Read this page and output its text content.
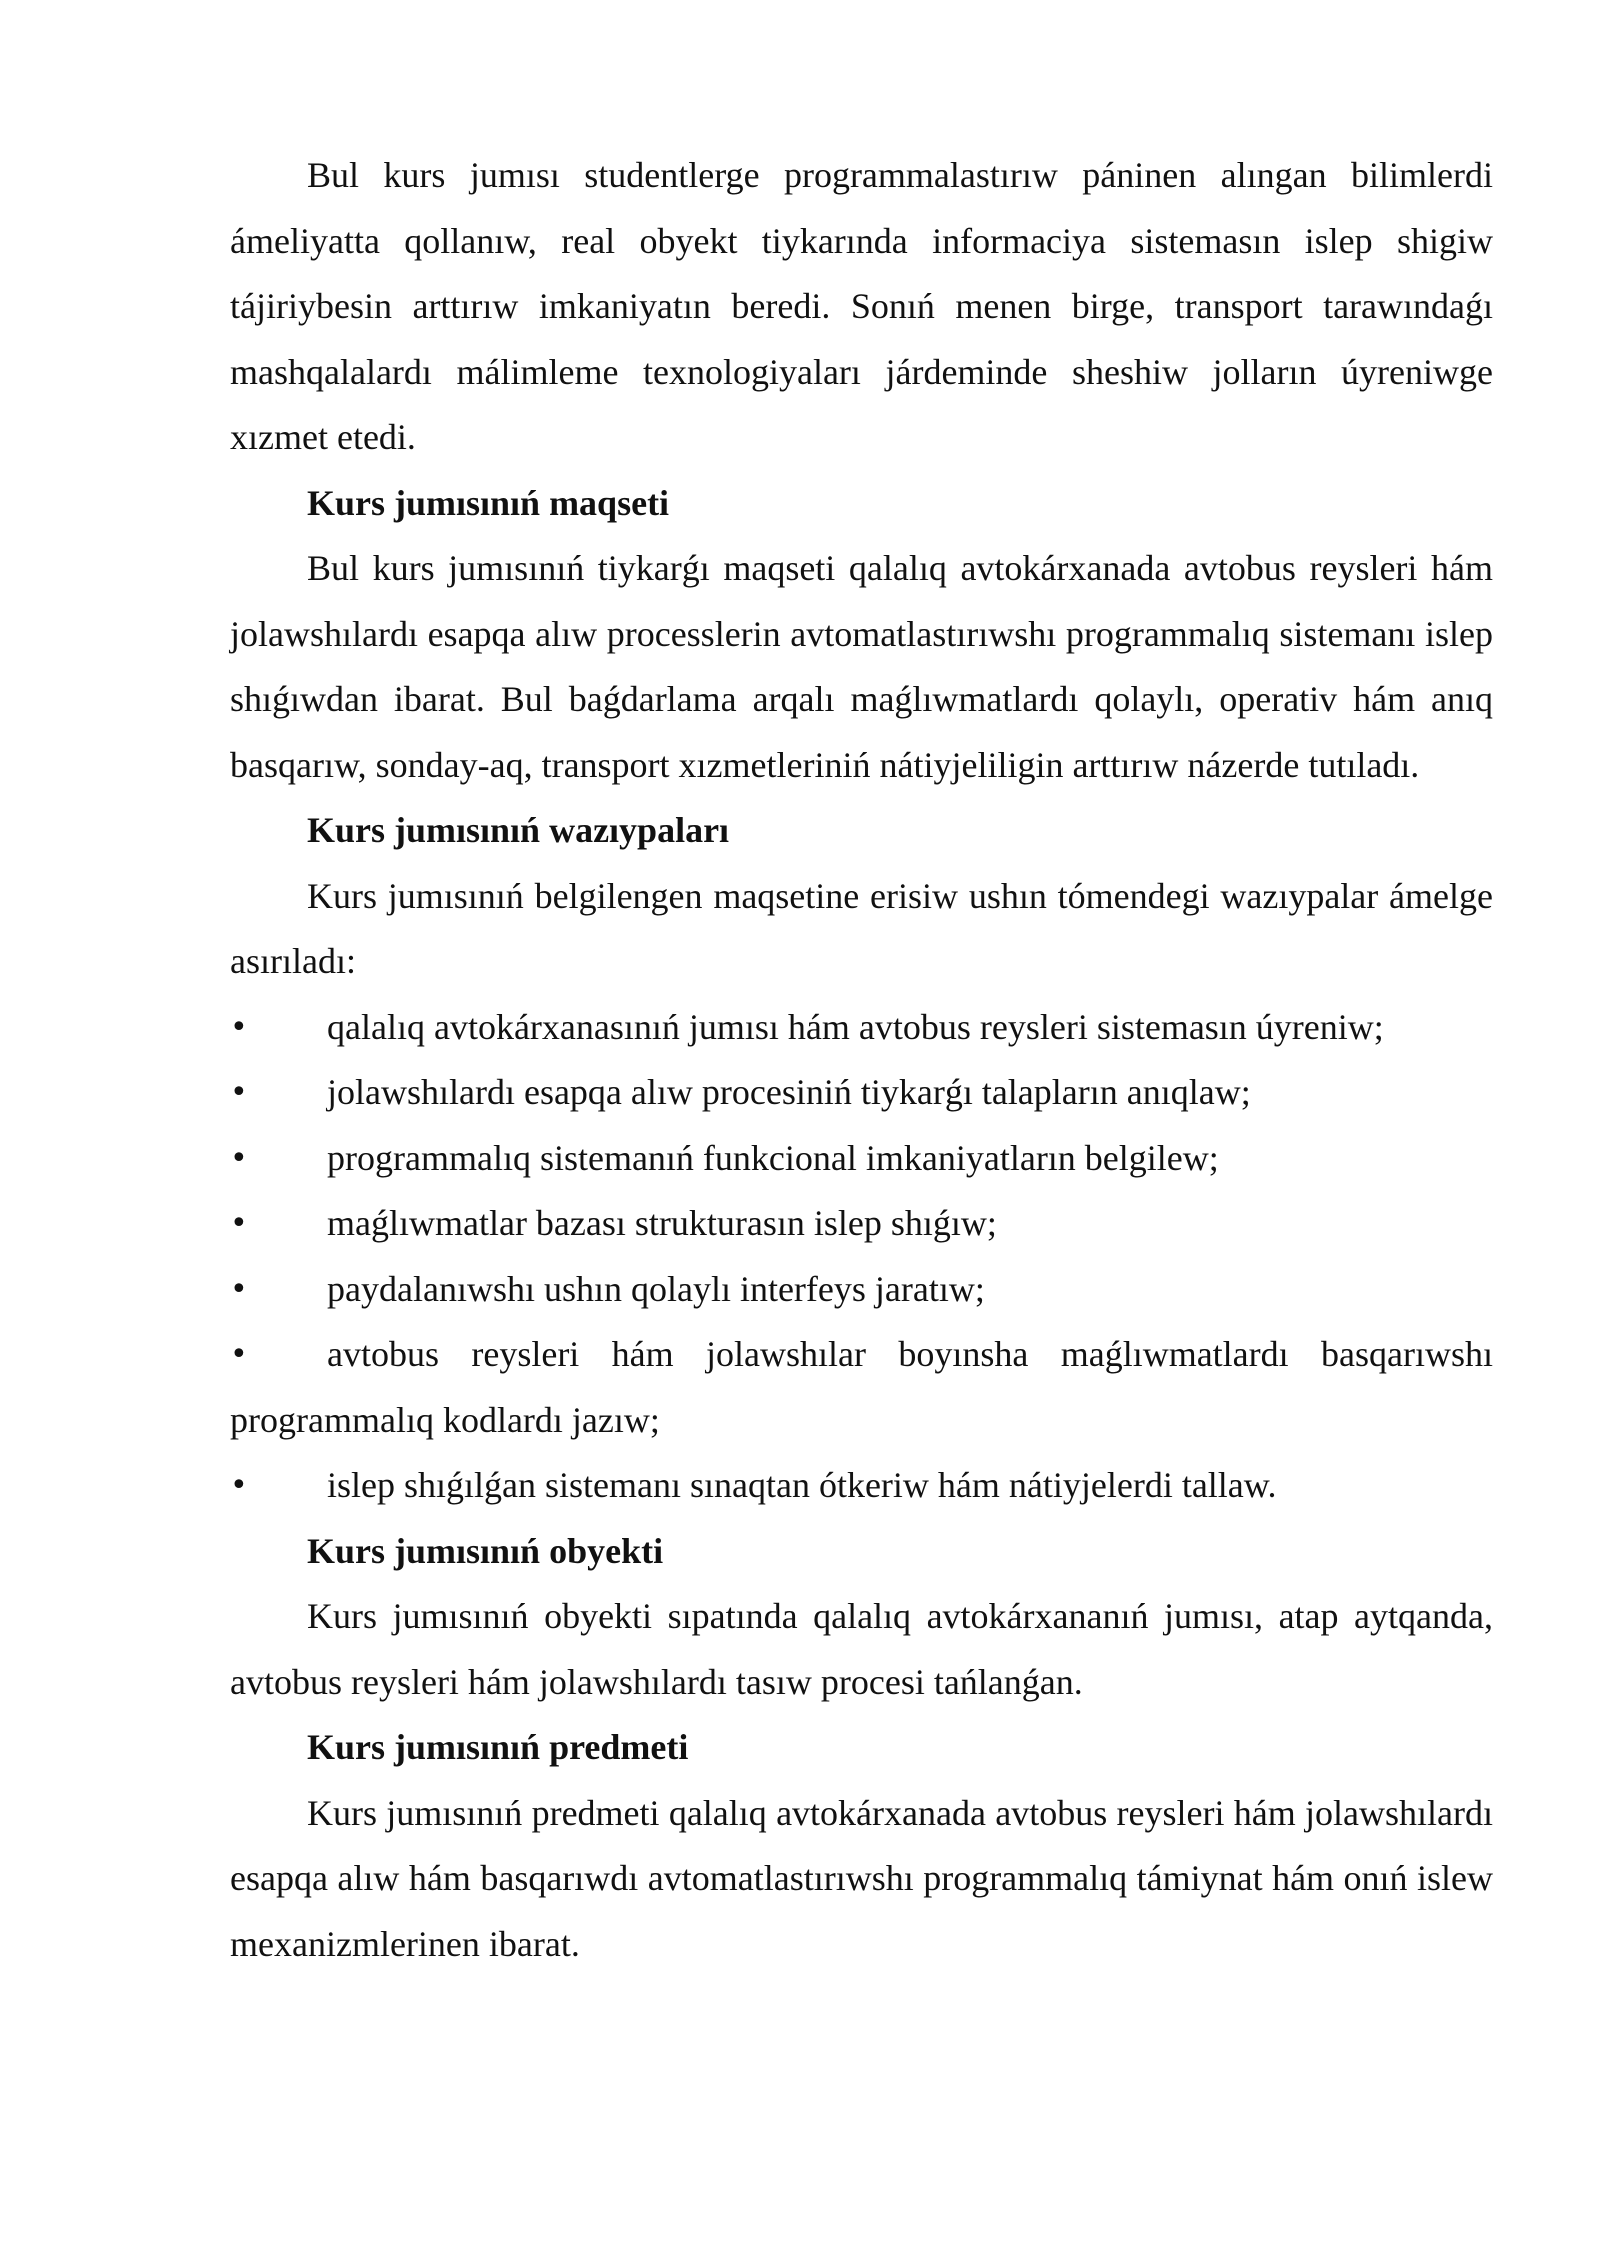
Bul kurs jumısı studentlerge programmalastırıw páninen alıngan bilimlerdi ámeliyatta qollanıw, real obyekt tiykarında informaciya sistemasın islep shigiw tájiriybesin arttırıw imkaniyatın beredi. Sonıń menen birge, transport tarawındaǵı mashqalalardı málimleme texnologiyaları járdeminde sheshiw jolların úyreniwge xızmet etedi.

Kurs jumısınıń maqseti

Bul kurs jumısınıń tiykarǵı maqseti qalalıq avtokárxanada avtobus reysleri hám jolawshılardı esapqa alıw processlerin avtomatlastırıwshı programmalıq sistemanı islep shıǵıwdan ibarat. Bul baǵdarlama arqalı maǵlıwmatlardı qolaylı, operativ hám anıq basqarıw, sonday-aq, transport xızmetleriniń nátiyjeliligin arttırıw názerde tutıladı.

Kurs jumısınıń wazıypaları

Kurs jumısınıń belgilengen maqsetine erisiw ushın tómendegi wazıypalar ámelge asırıladı:

• qalalıq avtokárxanasınıń jumısı hám avtobus reysleri sistemasın úyreniw;
• jolawshılardı esapqa alıw procesiniń tiykarǵı talapların anıqlaw;
• programmalıq sistemanıń funkcional imkaniyatların belgilew;
• maǵlıwmatlar bazası strukturasın islep shıǵıw;
• paydalanıwshı ushın qolaylı interfeys jaratıw;
• avtobus reysleri hám jolawshılar boyınsha maǵlıwmatlardı basqarıwshı programmalıq kodlardı jazıw;
• islep shıǵılǵan sistemanı sınaqtan ótkeriw hám nátiyjelerdi tallaw.
Kurs jumısınıń obyekti

Kurs jumısınıń obyekti sıpatında qalalıq avtokárxananıń jumısı, atap aytqanda, avtobus reysleri hám jolawshılardı tasıw procesi tańlanǵan.

Kurs jumısınıń predmeti

Kurs jumısınıń predmeti qalalıq avtokárxanada avtobus reysleri hám jolawshılardı esapqa alıw hám basqarıwdı avtomatlastırıwshı programmalıq támiynat hám onıń islew mexanizmlerinen ibarat.
